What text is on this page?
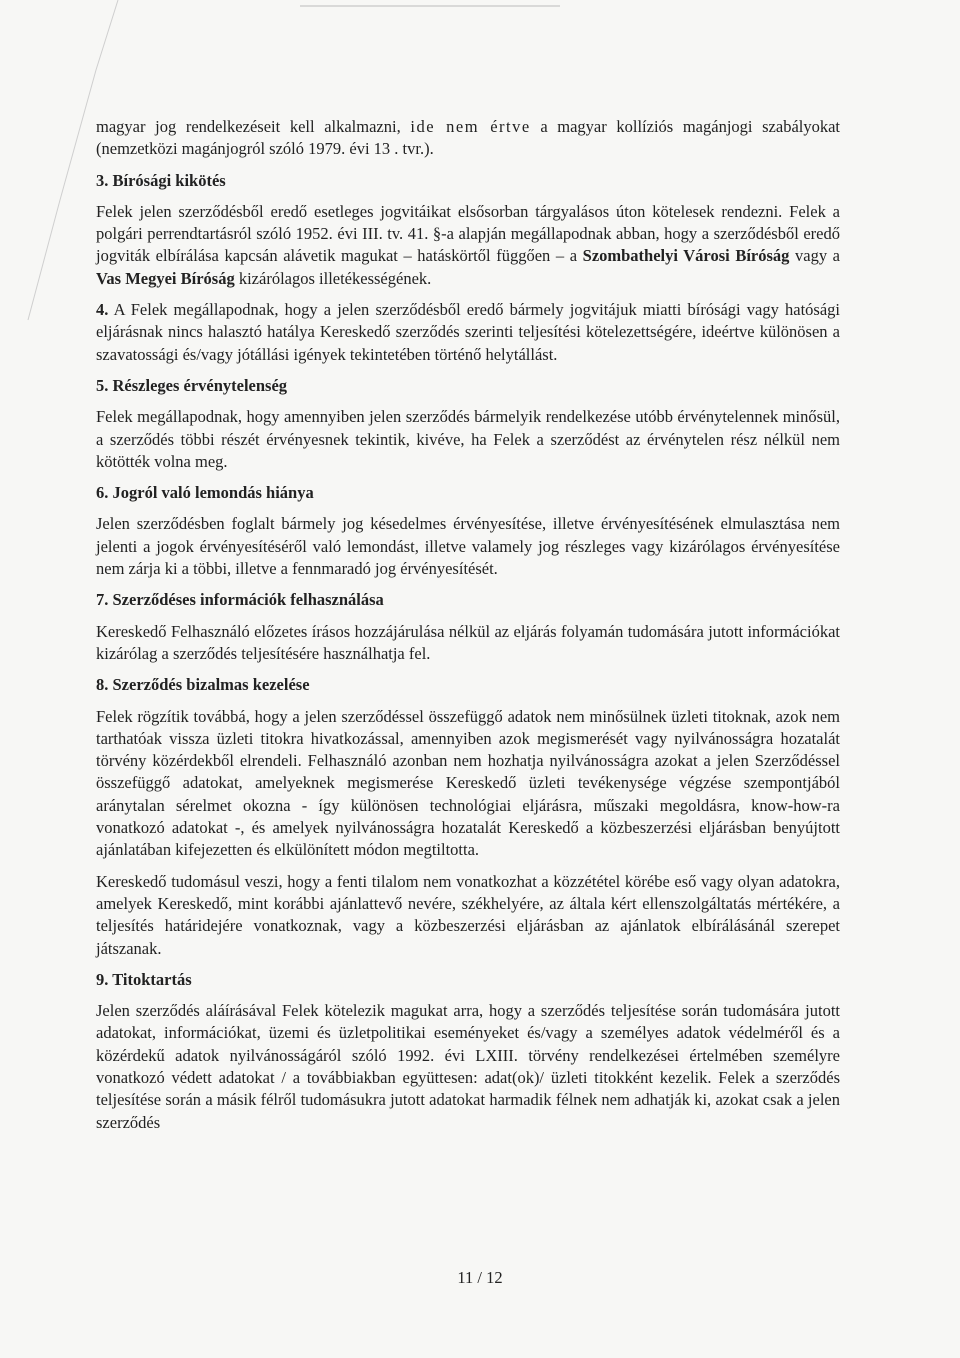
magyar jog rendelkezéseit kell alkalmazni, ide nem értve a magyar kollíziós magánjogi szabályokat (nemzetközi magánjogról szóló 1979. évi 13 . tvr.).

3. Bírósági kikötés

Felek jelen szerződésből eredő esetleges jogvitáikat elsősorban tárgyalásos úton kötelesek rendezni. Felek a polgári perrendtartásról szóló 1952. évi III. tv. 41. §-a alapján megállapodnak abban, hogy a szerződésből eredő jogviták elbírálása kapcsán alávetik magukat – hatáskörtől függően – a Szombathelyi Városi Bíróság vagy a Vas Megyei Bíróság kizárólagos illetékességének.

4. A Felek megállapodnak, hogy a jelen szerződésből eredő bármely jogvitájuk miatti bírósági vagy hatósági eljárásnak nincs halasztó hatálya Kereskedő szerződés szerinti teljesítési kötelezettségére, ideértve különösen a szavatossági és/vagy jótállási igények tekintetében történő helytállást.

5. Részleges érvénytelenség

Felek megállapodnak, hogy amennyiben jelen szerződés bármelyik rendelkezése utóbb érvénytelennek minősül, a szerződés többi részét érvényesnek tekintik, kivéve, ha Felek a szerződést az érvénytelen rész nélkül nem kötötték volna meg.

6. Jogról való lemondás hiánya

Jelen szerződésben foglalt bármely jog késedelmes érvényesítése, illetve érvényesítésének elmulasztása nem jelenti a jogok érvényesítéséről való lemondást, illetve valamely jog részleges vagy kizárólagos érvényesítése nem zárja ki a többi, illetve a fennmaradó jog érvényesítését.

7. Szerződéses információk felhasználása

Kereskedő Felhasználó előzetes írásos hozzájárulása nélkül az eljárás folyamán tudomására jutott információkat kizárólag a szerződés teljesítésére használhatja fel.

8. Szerződés bizalmas kezelése

Felek rögzítik továbbá, hogy a jelen szerződéssel összefüggő adatok nem minősülnek üzleti titoknak, azok nem tarthatóak vissza üzleti titokra hivatkozással, amennyiben azok megismerését vagy nyilvánosságra hozatalát törvény közérdekből elrendeli. Felhasználó azonban nem hozhatja nyilvánosságra azokat a jelen Szerződéssel összefüggő adatokat, amelyeknek megismerése Kereskedő üzleti tevékenysége végzése szempontjából aránytalan sérelmet okozna - így különösen technológiai eljárásra, műszaki megoldásra, know-how-ra vonatkozó adatokat -, és amelyek nyilvánosságra hozatalát Kereskedő a közbeszerzési eljárásban benyújtott ajánlatában kifejezetten és elkülönített módon megtiltotta.

Kereskedő tudomásul veszi, hogy a fenti tilalom nem vonatkozhat a közzététel körébe eső vagy olyan adatokra, amelyek Kereskedő, mint korábbi ajánlattevő nevére, székhelyére, az általa kért ellenszolgáltatás mértékére, a teljesítés határidejére vonatkoznak, vagy a közbeszerzési eljárásban az ajánlatok elbírálásánál szerepet játszanak.

9. Titoktartás

Jelen szerződés aláírásával Felek kötelezik magukat arra, hogy a szerződés teljesítése során tudomására jutott adatokat, információkat, üzemi és üzletpolitikai eseményeket és/vagy a személyes adatok védelméről és a közérdekű adatok nyilvánosságáról szóló 1992. évi LXIII. törvény rendelkezései értelmében személyre vonatkozó védett adatokat / a továbbiakban együttesen: adat(ok)/ üzleti titokként kezelik. Felek a szerződés teljesítése során a másik félről tudomásukra jutott adatokat harmadik félnek nem adhatják ki, azokat csak a jelen szerződés

11 / 12
